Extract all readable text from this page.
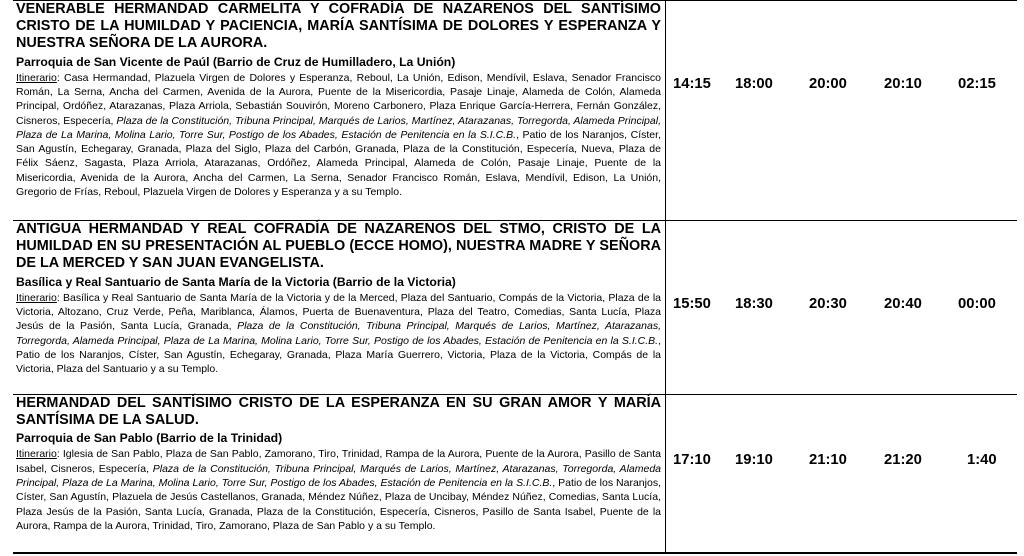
VENERABLE HERMANDAD CARMELITA Y COFRADÍA DE NAZARENOS DEL SANTÍSIMO CRISTO DE LA HUMILDAD Y PACIENCIA, MARÍA SANTÍSIMA DE DOLORES Y ESPERANZA Y NUESTRA SEÑORA DE LA AURORA.

Parroquia de San Vicente de Paúl (Barrio de Cruz de Humilladero, La Unión)

Itinerario: Casa Hermandad, Plazuela Virgen de Dolores y Esperanza, Reboul, La Unión, Edison, Mendívil, Eslava, Senador Francisco Román, La Serna, Ancha del Carmen, Avenida de la Aurora, Puente de la Misericordia, Pasaje Linaje, Alameda de Colón, Alameda Principal, Ordóñez, Atarazanas, Plaza Arriola, Sebastián Souvirón, Moreno Carbonero, Plaza Enrique García-Herrera, Fernán González, Cisneros, Especería, Plaza de la Constitución, Tribuna Principal, Marqués de Larios, Martínez, Atarazanas, Torregorda, Alameda Principal, Plaza de La Marina, Molina Lario, Torre Sur, Postigo de los Abades, Estación de Penitencia en la S.I.C.B., Patio de los Naranjos, Císter, San Agustín, Echegaray, Granada, Plaza del Siglo, Plaza del Carbón, Granada, Plaza de la Constitución, Especería, Nueva, Plaza de Félix Sáenz, Sagasta, Plaza Arriola, Atarazanas, Ordóñez, Alameda Principal, Alameda de Colón, Pasaje Linaje, Puente de la Misericordia, Avenida de la Aurora, Ancha del Carmen, La Serna, Senador Francisco Román, Eslava, Mendívil, Edison, La Unión, Gregorio de Frías, Reboul, Plazuela Virgen de Dolores y Esperanza y a su Templo.

14:15 18:00 20:00	20:10 02:15

ANTIGUA HERMANDAD Y REAL COFRADÍA DE NAZARENOS DEL STMO, CRISTO DE LA HUMILDAD EN SU PRESENTACIÓN AL PUEBLO (ECCE HOMO), NUESTRA MADRE Y SEÑORA DE LA MERCED Y SAN JUAN EVANGELISTA.

Basílica y Real Santuario de Santa María de la Victoria (Barrio de la Victoria)

Itinerario: Basílica y Real Santuario de Santa María de la Victoria y de la Merced, Plaza del Santuario, Compás de la Victoria, Plaza de la Victoria, Altozano, Cruz Verde, Peña, Mariblanca, Álamos, Puerta de Buenaventura, Plaza del Teatro, Comedias, Santa Lucía, Plaza Jesús de la Pasión, Santa Lucía, Granada, Plaza de la Constitución, Tribuna Principal, Marqués de Larios, Martínez, Atarazanas, Torregorda, Alameda Principal, Plaza de La Marina, Molina Lario, Torre Sur, Postigo de los Abades, Estación de Penitencia en la S.I.C.B., Patio de los Naranjos, Císter, San Agustín, Echegaray, Granada, Plaza María Guerrero, Victoria, Plaza de la Victoria, Compás de la Victoria, Plaza del Santuario y a su Templo.

15:50 18:30 20:30	20:40 00:00

HERMANDAD DEL SANTÍSIMO CRISTO DE LA ESPERANZA EN SU GRAN AMOR Y MARÍA SANTÍSIMA DE LA SALUD.

Parroquia de San Pablo (Barrio de la Trinidad)

Itinerario: Iglesia de San Pablo, Plaza de San Pablo, Zamorano, Tiro, Trinidad, Rampa de la Aurora, Puente de la Aurora, Pasillo de Santa Isabel, Cisneros, Especería, Plaza de la Constitución, Tribuna Principal, Marqués de Larios, Martínez, Atarazanas, Torregorda, Alameda Principal, Plaza de La Marina, Molina Lario, Torre Sur, Postigo de los Abades, Estación de Penitencia en la S.I.C.B., Patio de los Naranjos, Císter, San Agustín, Plazuela de Jesús Castellanos, Granada, Méndez Núñez, Plaza de Uncibay, Méndez Núñez, Comedias, Santa Lucía, Plaza Jesús de la Pasión, Santa Lucía, Granada, Plaza de la Constitución, Especería, Cisneros, Pasillo de Santa Isabel, Puente de la Aurora, Rampa de la Aurora, Trinidad, Tiro, Zamorano, Plaza de San Pablo y a su Templo.

17:10 19:10 21:10	21:20	1:40
